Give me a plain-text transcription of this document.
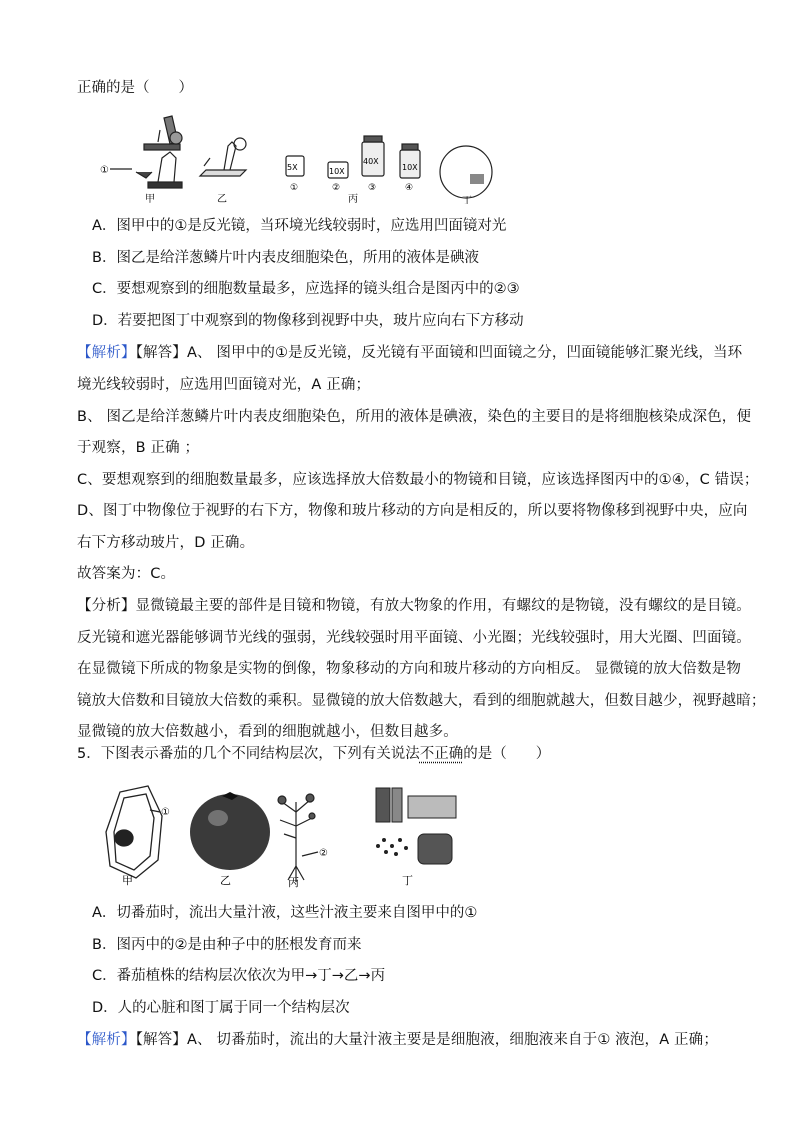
正确的是（　　）
①
甲	乙
5X	10X
40X
10X
①	②	③	④
丙	丁
A．图甲中的①是反光镜，当环境光线较弱时，应选用凹面镜对光
B．图乙是给洋葱鳞片叶内表皮细胞染色，所用的液体是碘液
C．要想观察到的细胞数量最多，应选择的镜头组合是图丙中的②③
D．若要把图丁中观察到的物像移到视野中央，玻片应向右下方移动
【解析】【解答】A、 图甲中的①是反光镜，反光镜有平面镜和凹面镜之分，凹面镜能够汇聚光线，当环
境光线较弱时，应选用凹面镜对光，A 正确；
B、 图乙是给洋葱鳞片叶内表皮细胞染色，所用的液体是碘液，染色的主要目的是将细胞核染成深色，便
于观察，B 正确 ；
C、要想观察到的细胞数量最多，应该选择放大倍数最小的物镜和目镜，应该选择图丙中的①④，C 错误；
D、图丁中物像位于视野的右下方，物像和玻片移动的方向是相反的，所以要将物像移到视野中央，应向
右下方移动玻片，D 正确。
故答案为：C。
【分析】显微镜最主要的部件是目镜和物镜，有放大物象的作用，有螺纹的是物镜，没有螺纹的是目镜。
反光镜和遮光器能够调节光线的强弱，光线较强时用平面镜、小光圈；光线较强时，用大光圈、凹面镜。
在显微镜下所成的物象是实物的倒像，物象移动的方向和玻片移动的方向相反。 显微镜的放大倍数是物
镜放大倍数和目镜放大倍数的乘积。显微镜的放大倍数越大，看到的细胞就越大，但数目越少，视野越暗；
显微镜的放大倍数越小，看到的细胞就越小，但数目越多。
5．下图表示番茄的几个不同结构层次，下列有关说法不正确的是（　　）
①
甲	乙
②
丙	丁
A．切番茄时，流出大量汁液，这些汁液主要来自图甲中的①
B．图丙中的②是由种子中的胚根发育而来
C．番茄植株的结构层次依次为甲→丁→乙→丙
D．人的心脏和图丁属于同一个结构层次
【解析】【解答】A、 切番茄时，流出的大量汁液主要是是细胞液，细胞液来自于① 液泡，A 正确；
